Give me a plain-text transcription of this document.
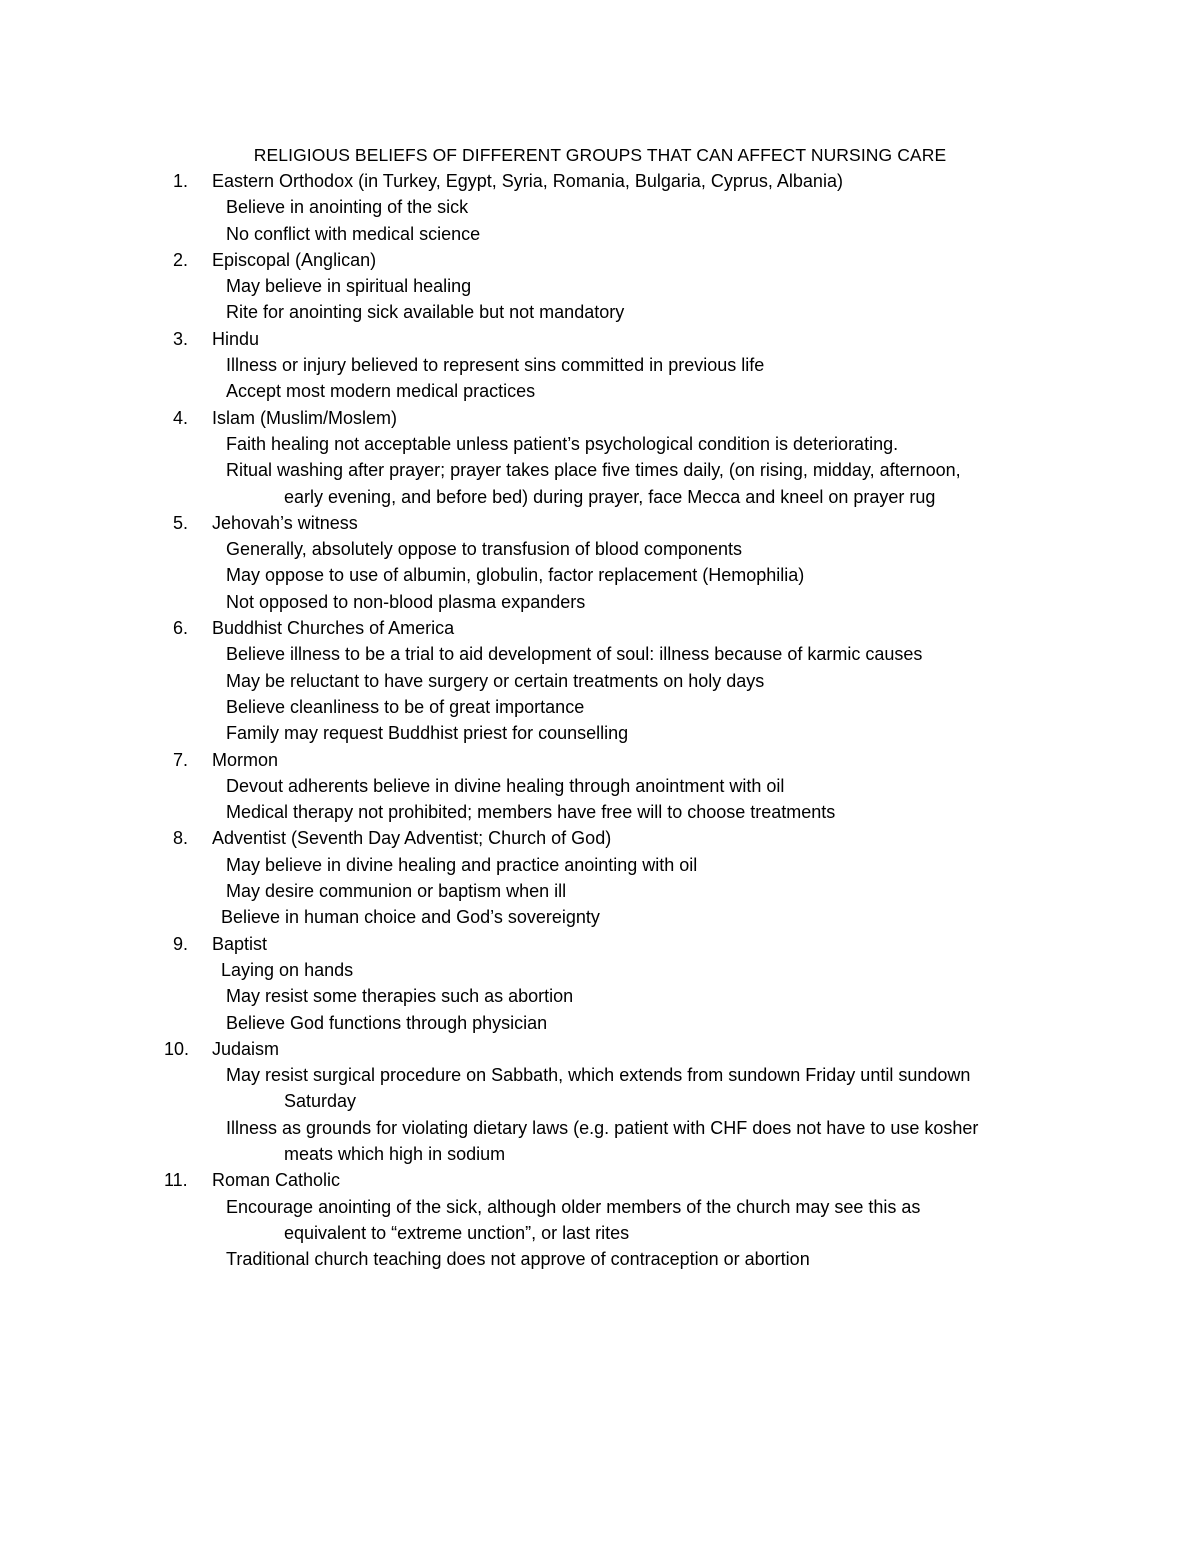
RELIGIOUS BELIEFS OF DIFFERENT GROUPS THAT CAN AFFECT NURSING CARE
1. Eastern Orthodox (in Turkey, Egypt, Syria, Romania, Bulgaria, Cyprus, Albania)
Believe in anointing of the sick
No conflict with medical science
2. Episcopal (Anglican)
May believe in spiritual healing
Rite for anointing sick available but not mandatory
3. Hindu
Illness or injury believed to represent sins committed in previous life
Accept most modern medical practices
4. Islam (Muslim/Moslem)
Faith healing not acceptable unless patient’s psychological condition is deteriorating.
Ritual washing after prayer; prayer takes place five times daily, (on rising, midday, afternoon,
early evening, and before bed) during prayer, face Mecca and kneel on prayer rug
5. Jehovah’s witness
Generally, absolutely oppose to transfusion of blood components
May oppose to use of albumin, globulin, factor replacement (Hemophilia)
Not opposed to non-blood plasma expanders
6. Buddhist Churches of America
Believe illness to be a trial to aid development of soul: illness because of karmic causes
May be reluctant to have surgery or certain treatments on holy days
Believe cleanliness to be of great importance
Family may request Buddhist priest for counselling
7. Mormon
Devout adherents believe in divine healing through anointment with oil
Medical therapy not prohibited; members have free will to choose treatments
8. Adventist (Seventh Day Adventist; Church of God)
May believe in divine healing and practice anointing with oil
May desire communion or baptism when ill
Believe in human choice and God’s sovereignty
9. Baptist
Laying on hands
May resist some therapies such as abortion
Believe God functions through physician
10. Judaism
May resist surgical procedure on Sabbath, which extends from sundown Friday until sundown
Saturday
Illness as grounds for violating dietary laws (e.g. patient with CHF does not have to use kosher
meats which high in sodium
11. Roman Catholic
Encourage anointing of the sick, although older members of the church may see this as
equivalent to “extreme unction”, or last rites
Traditional church teaching does not approve of contraception or abortion
